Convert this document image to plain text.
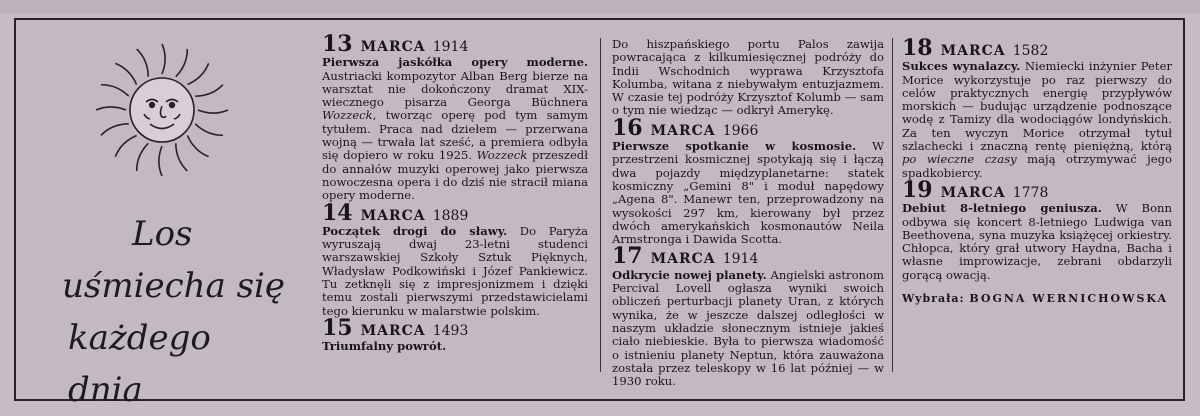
Los
uśmiecha się
każdego dnia
13 MARCA 1914
Pierwsza jaskółka opery moderne. Austriacki kompozytor Alban Berg bierze na warsztat nie dokończony dramat XIX-wiecznego pisarza Georga Büchnera Wozzeck, tworząc operę pod tym samym tytułem. Praca nad dziełem — przerwana wojną — trwała lat sześć, a premiera odbyła się dopiero w roku 1925. Wozzeck przeszedł do annałów muzyki operowej jako pierwsza nowoczesna opera i do dziś nie stracił miana opery moderne.
14 MARCA 1889
Początek drogi do sławy. Do Paryża wyruszają dwaj 23-letni studenci warszawskiej Szkoły Sztuk Pięknych, Władysław Podkowiński i Józef Pankiewicz. Tu zetknęli się z impresjonizmem i dzięki temu zostali pierwszymi przedstawicielami tego kierunku w malarstwie polskim.
15 MARCA 1493
Triumfalny powrót.
Do hiszpańskiego portu Palos zawija powracająca z kilkumiesięcznej podróży do Indii Wschodnich wyprawa Krzysztofa Kolumba, witana z niebywałym entuzjazmem. W czasie tej podróży Krzysztof Kolumb — sam o tym nie wiedząc — odkrył Amerykę.
16 MARCA 1966
Pierwsze spotkanie w kosmosie. W przestrzeni kosmicznej spotykają się i łączą dwa pojazdy międzyplanetarne: statek kosmiczny „Gemini 8" i moduł napędowy „Agena 8". Manewr ten, przeprowadzony na wysokości 297 km, kierowany był przez dwóch amerykańskich kosmonautów Neila Armstronga i Dawida Scotta.
17 MARCA 1914
Odkrycie nowej planety. Angielski astronom Percival Lovell ogłasza wyniki swoich obliczeń perturbacji planety Uran, z których wynika, że w jeszcze dalszej odległości w naszym układzie słonecznym istnieje jakieś ciało niebieskie. Była to pierwsza wiadomość o istnieniu planety Neptun, która zauważona została przez teleskopy w 16 lat później — w 1930 roku.
18 MARCA 1582
Sukces wynalazcy. Niemiecki inżynier Peter Morice wykorzystuje po raz pierwszy do celów praktycznych energię przypływów morskich — budując urządzenie podnoszące wodę z Tamizy dla wodociągów londyńskich. Za ten wyczyn Morice otrzymał tytuł szlachecki i znaczną rentę pieniężną, którą po wieczne czasy mają otrzymywać jego spadkobiercy.
19 MARCA 1778
Debiut 8-letniego geniusza. W Bonn odbywa się koncert 8-letniego Ludwiga van Beethovena, syna muzyka książęcej orkiestry. Chłopca, który grał utwory Haydna, Bacha i własne improwizacje, zebrani obdarzyli gorącą owacją.
Wybrała: BOGNA WERNICHOWSKA
